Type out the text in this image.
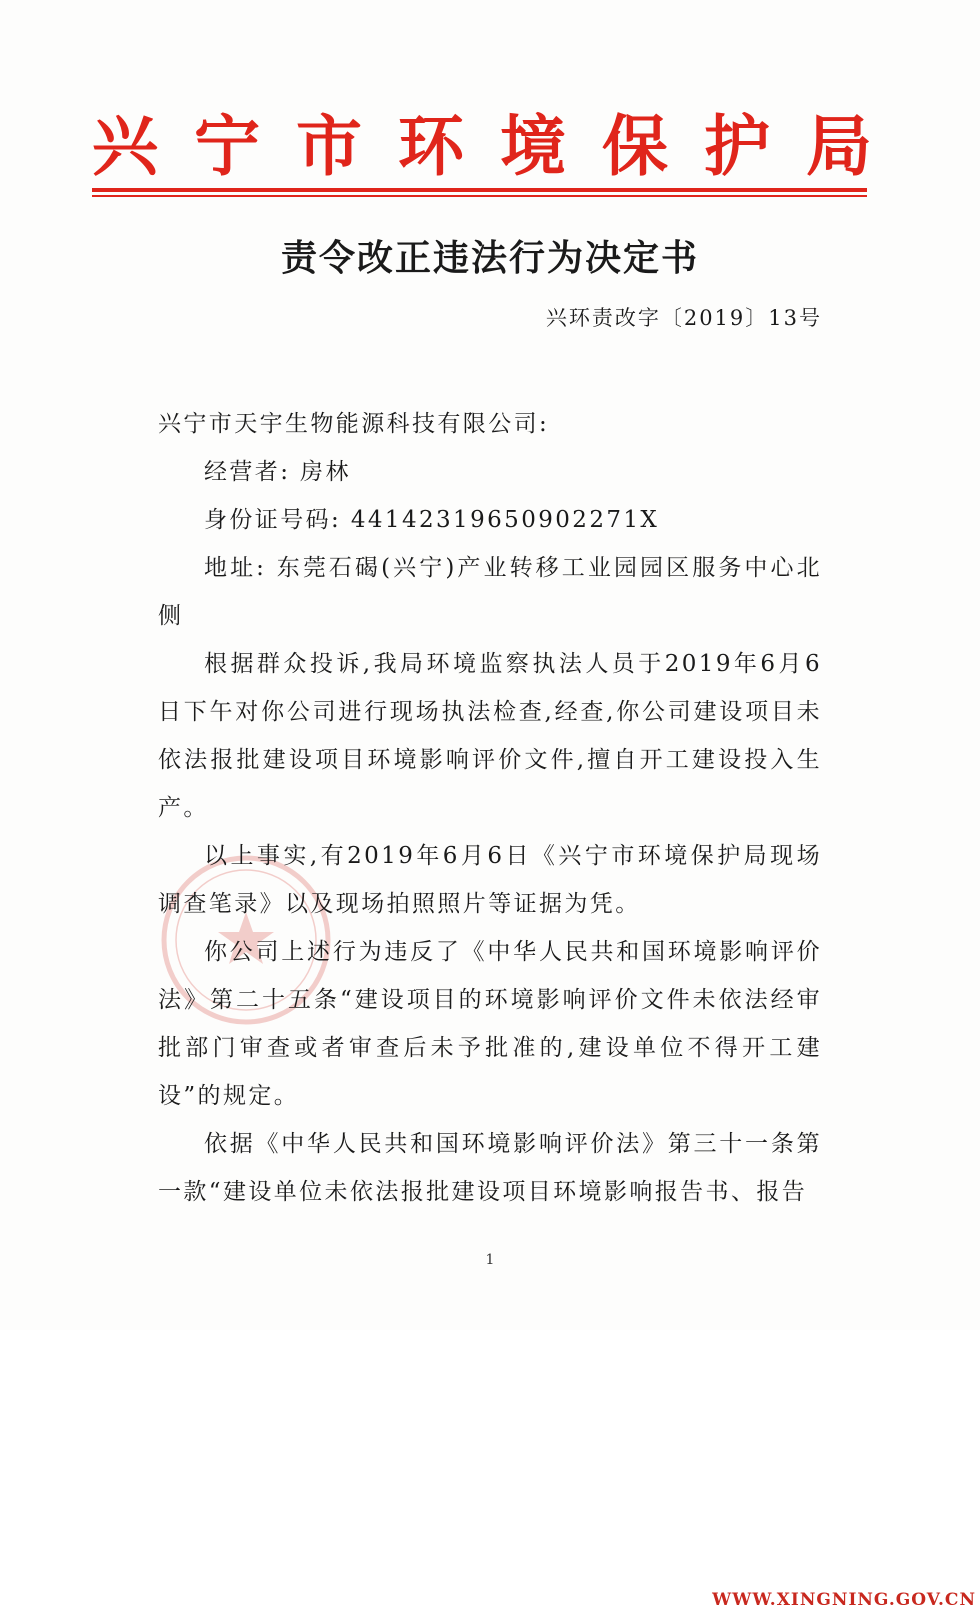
兴 宁 市 环 境 保 护 局
责令改正违法行为决定书
兴环责改字〔2019〕13号

兴宁市天宇生物能源科技有限公司:

经营者: 房林

身份证号码: 44142319650902271X

地址: 东莞石碣(兴宁)产业转移工业园园区服务中心北侧

根据群众投诉,我局环境监察执法人员于2019年6月6日下午对你公司进行现场执法检查,经查,你公司建设项目未依法报批建设项目环境影响评价文件,擅自开工建设投入生产。

以上事实,有2019年6月6日《兴宁市环境保护局现场调查笔录》以及现场拍照照片等证据为凭。

你公司上述行为违反了《中华人民共和国环境影响评价法》第二十五条“建设项目的环境影响评价文件未依法经审批部门审查或者审查后未予批准的,建设单位不得开工建设”的规定。

依据《中华人民共和国环境影响评价法》第三十一条第一款“建设单位未依法报批建设项目环境影响报告书、报告

1
WWW.XINGNING.GOV.CN
